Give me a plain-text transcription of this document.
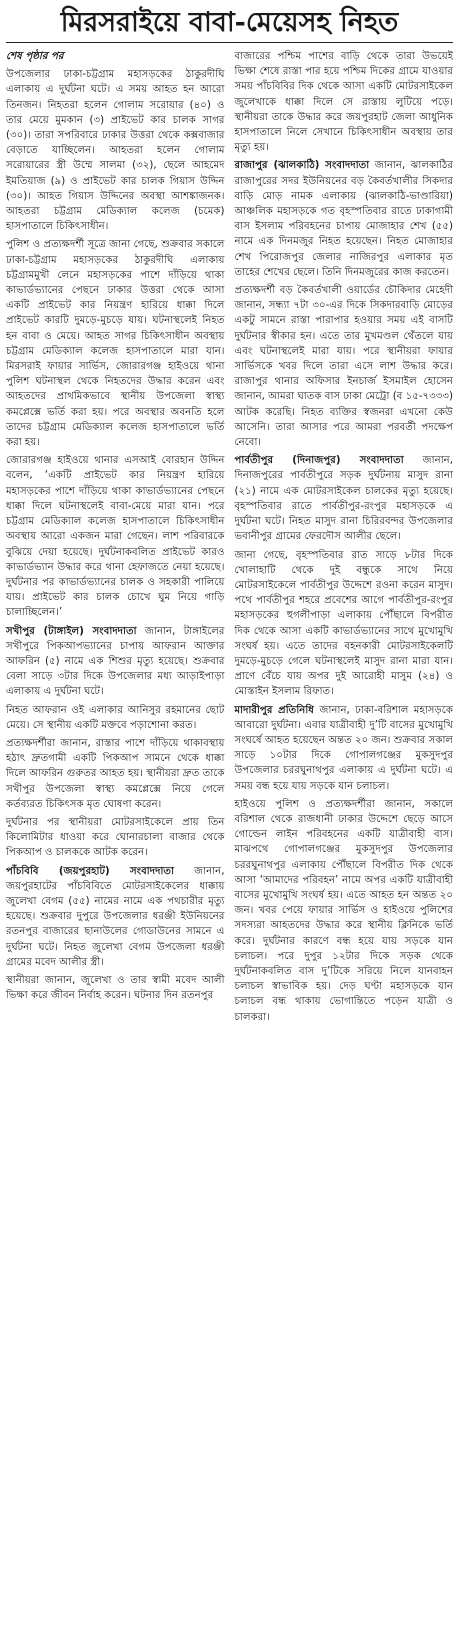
মিরসরাইয়ে বাবা-মেয়েসহ নিহত

শেষ পৃষ্ঠার পর

উপজেলার ঢাকা-চট্টগ্রাম মহাসড়কের ঠাকুরদীঘি এলাকায় এ দুর্ঘটনা ঘটে। এ সময় আহত হন আরো তিনজন। নিহতরা হলেন গোলাম সরোয়ার (৪০) ও তার মেয়ে মুমকান (৩) প্রাইভেট কার চালক সাগর (৩০)। তারা সপরিবারে ঢাকার উত্তরা থেকে কক্সবাজার বেড়াতে যাচ্ছিলেন। আহতরা হলেন গোলাম সরোয়ারের স্ত্রী উম্মে সালমা (৩২), ছেলে আহমেদ ইমতিয়াজ (৯) ও প্রাইভেট কার চালক গিয়াস উদ্দিন (৩০)। আহত গিয়াস উদ্দিনের অবস্থা আশঙ্কাজনক। আহতরা চট্টগ্রাম মেডিক্যাল কলেজ (চমেক) হাসপাতালে চিকিৎসাধীন।

পুলিশ ও প্রত্যক্ষদর্শী সূত্রে জানা গেছে, শুক্রবার সকালে ঢাকা-চট্টগ্রাম মহাসড়কের ঠাকুরদীঘি এলাকায় চট্টগ্রামমুখী লেনে মহাসড়কের পাশে দাঁড়িয়ে থাকা কাভার্ডভ্যানের পেছনে ঢাকার উত্তরা থেকে আসা একটি প্রাইভেট কার নিয়ন্ত্রণ হারিয়ে ধাক্কা দিলে প্রাইভেট কারটি দুমড়ে-মুচড়ে যায়। ঘটনাস্থলেই নিহত হন বাবা ও মেয়ে। আহত সাগর চিকিৎসাধীন অবস্থায় চট্টগ্রাম মেডিক্যাল কলেজ হাসপাতালে মারা যান। মিরসরাই ফায়ার সার্ভিস, জোরারগঞ্জ হাইওয়ে থানা পুলিশ ঘটনাস্থল থেকে নিহতদের উদ্ধার করেন এবং আহতদের প্রাথমিকভাবে স্থানীয় উপজেলা স্বাস্থ্য কমপ্লেক্সে ভর্তি করা হয়। পরে অবস্থার অবনতি হলে তাদের চট্টগ্রাম মেডিক্যাল কলেজ হাসপাতালে ভর্তি করা হয়।

জোরারগঞ্জ হাইওয়ে থানার এসআই বোরহান উদ্দিন বলেন, ‘একটি প্রাইভেট কার নিয়ন্ত্রণ হারিয়ে মহাসড়কের পাশে দাঁড়িয়ে থাকা কাভার্ডভ্যানের পেছনে ধাক্কা দিলে ঘটনাস্থলেই বাবা-মেয়ে মারা যান। পরে চট্টগ্রাম মেডিক্যাল কলেজ হাসপাতালে চিকিৎসাধীন অবস্থায় আরো একজন মারা গেছেন। লাশ পরিবারকে বুঝিয়ে দেয়া হয়েছে। দুর্ঘটনাকবলিত প্রাইভেট কারও কাভার্ডভ্যান উদ্ধার করে থানা হেফাজতে নেয়া হয়েছে। দুর্ঘটনার পর কাভার্ডভ্যানের চালক ও সহকারী পালিয়ে যায়। প্রাইভেট কার চালক চোখে ঘুম নিয়ে গাড়ি চালাচ্ছিলেন।’

সখীপুর (টাঙ্গাইল) সংবাদদাতা জানান, টাঙ্গাইলের সখীপুরে পিকআপভ্যানের চাপায় আফরান আক্তার আফরিন (৫) নামে এক শিশুর মৃত্যু হয়েছে। শুক্রবার বেলা সাড়ে ৩টার দিকে উপজেলার মধ্য আড়াইপাড়া এলাকায় এ দুর্ঘটনা ঘটে।

নিহত আফরান ওই এলাকার আনিসুর রহমানের ছোট মেয়ে। সে স্থানীয় একটি মক্তবে পড়াশোনা করত।

প্রত্যক্ষদর্শীরা জানান, রাস্তার পাশে দাঁড়িয়ে থাকাবস্থায় হঠাৎ দ্রুতগামী একটি পিকআপ সামনে থেকে ধাক্কা দিলে আফরিন গুরুতর আহত হয়। স্থানীয়রা দ্রুত তাকে সখীপুর উপজেলা স্বাস্থ্য কমপ্লেক্সে নিয়ে গেলে কর্তব্যরত চিকিৎসক মৃত ঘোষণা করেন।

দুর্ঘটনার পর স্থানীয়রা মোটরসাইকেলে প্রায় তিন কিলোমিটার ধাওয়া করে ঘোনারচালা বাজার থেকে পিকআপ ও চালককে আটক করেন।

পাঁচবিবি (জয়পুরহাট) সংবাদদাতা জানান, জয়পুরহাটের পাঁচবিবিতে মোটরসাইকেলের ধাক্কায় জুলেখা বেগম (৫৫) নামের নামে এক পথচারীর মৃত্যু হয়েছে। শুক্রবার দুপুরে উপজেলার ধরঞ্জী ইউনিয়নের রতনপুর বাজারের ছানাউলের গোডাউনের সামনে এ দুর্ঘটনা ঘটে। নিহত জুলেখা বেগম উপজেলা ধরঞ্জী গ্রামের মবেদ আলীর স্ত্রী।

স্থানীয়রা জানান, জুলেখা ও তার স্বামী মবেদ আলী ভিক্ষা করে জীবন নির্বাহ করেন। ঘটনার দিন রতনপুর

বাজারের পশ্চিম পাশের বাড়ি থেকে তারা উভয়েই ভিক্ষা শেষে রাস্তা পার হয়ে পশ্চিম দিকের গ্রামে যাওয়ার সময় পাঁচবিবির দিক থেকে আসা একটি মোটরসাইকেল জুলেখাকে ধাক্কা দিলে সে রাস্তায় লুটিয়ে পড়ে। স্থানীয়রা তাকে উদ্ধার করে জয়পুরহাট জেলা আধুনিক হাসপাতালে নিলে সেখানে চিকিৎসাধীন অবস্থায় তার মৃত্যু হয়।

রাজাপুর (ঝালকাঠি) সংবাদদাতা জানান, ঝালকাঠির রাজাপুরের সদর ইউনিয়নের বড় কৈবর্তখালীর সিকদার বাড়ি মোড় নামক এলাকায় (ঝালকাঠি-ভাণ্ডারিয়া) আঞ্চলিক মহাসড়কে গত বৃহস্পতিবার রাতে ঢাকাগামী বাস ইসলাম পরিবহনের চাপায় মোজাহার শেখ (৫৫) নামে এক দিনমজুর নিহত হয়েছেন। নিহত মোজাহার শেখ পিরোজপুর জেলার নাজিরপুর এলাকার মৃত তাহের শেখের ছেলে। তিনি দিনমজুরের কাজ করতেন।

প্রত্যক্ষদর্শী বড় কৈবর্তখালী ওয়ার্ডের চৌকিদার মেহেদী জানান, সন্ধ্যা ৭টা ৩০-এর দিকে সিকদারবাড়ি মোড়ের একটু সামনে রাস্তা পারাপার হওয়ার সময় এই বাসটি দুর্ঘটনার স্বীকার হন। এতে তার মুখমণ্ডল থেঁতলে যায় এবং ঘটনাস্থলেই মারা যায়। পরে স্থানীয়রা ফায়ার সার্ভিসকে খবর দিলে তারা এসে লাশ উদ্ধার করে। রাজাপুর থানার অফিসার ইনচার্জ ইসমাইল হোসেন জানান, আমরা ঘাতক বাস ঢাকা মেট্রো (ব ১৫-৭৩৩৩) আটক করেছি। নিহত ব্যক্তির স্বজনরা এখনো কেউ আসেনি। তারা আসার পরে আমরা পরবর্তী পদক্ষেপ নেবো।

পার্বতীপুর (দিনাজপুর) সংবাদদাতা জানান, দিনাজপুরের পার্বতীপুরে সড়ক দুর্ঘটনায় মাসুদ রানা (২১) নামে এক মোটরসাইকেল চালকের মৃত্যু হয়েছে। বৃহস্পতিবার রাতে পার্বতীপুর-রংপুর মহাসড়কে এ দুর্ঘটনা ঘটে। নিহত মাসুদ রানা চিরিরবন্দর উপজেলার ভবানীপুর গ্রামের ফেরদৌস আলীর ছেলে।

জানা গেছে, বৃহস্পতিবার রাত সাড়ে ৮টার দিকে খোলাহাটি থেকে দুই বন্ধুকে সাথে নিয়ে মোটরসাইকেলে পার্বতীপুর উদ্দেশে রওনা করেন মাসুদ। পথে পার্বতীপুর শহরে প্রবেশের আগে পার্বতীপুর-রংপুর মহাসড়কের হুগলীপাড়া এলাকায় পৌঁছালে বিপরীত দিক থেকে আসা একটি কাভার্ডভ্যানের সাথে মুখোমুখি সংঘর্ষ হয়। এতে তাদের বহনকারী মোটরসাইকেলটি দুমড়ে-মুচড়ে গেলে ঘটনাস্থলেই মাসুদ রানা মারা যান। প্রাণে বেঁচে যায় অপর দুই আরোহী মাসুম (২৪) ও মোস্তাইন ইসলাম রিফাত।

মাদারীপুর প্রতিনিধি জানান, ঢাকা-বরিশাল মহাসড়কে আবারো দুর্ঘটনা। এবার যাত্রীবাহী দু’টি বাসের মুখোমুখি সংঘর্ষে আহত হয়েছেন অন্তত ২০ জন। শুক্রবার সকাল সাড়ে ১০টার দিকে গোপালগঞ্জের মুকসুদপুর উপজেলার চররঘুনাথপুর এলাকায় এ দুর্ঘটনা ঘটে। এ সময় বন্ধ হয়ে যায় সড়কে যান চলাচল।

হাইওয়ে পুলিশ ও প্রত্যক্ষদর্শীরা জানান, সকালে বরিশাল থেকে রাজধানী ঢাকার উদ্দেশে ছেড়ে আসে গোল্ডেন লাইন পরিবহনের একটি যাত্রীবাহী বাস। মাঝপথে গোপালগঞ্জের মুকসুদপুর উপজেলার চররঘুনাথপুর এলাকায় পৌঁছালে বিপরীত দিক থেকে আসা ‘আমাদের পরিবহন’ নামে অপর একটি যাত্রীবাহী বাসের মুখোমুখি সংঘর্ষ হয়। এতে আহত হন অন্তত ২০ জন। খবর পেয়ে ফায়ার সার্ভিস ও হাইওয়ে পুলিশের সদস্যরা আহতদের উদ্ধার করে স্থানীয় ক্লিনিকে ভর্তি করে। দুর্ঘটনার কারণে বন্ধ হয়ে যায় সড়কে যান চলাচল। পরে দুপুর ১২টার দিকে সড়ক থেকে দুর্ঘটনাকবলিত বাস দু’টিকে সরিয়ে নিলে যানবাহন চলাচল স্বাভাবিক হয়। দেড় ঘণ্টা মহাসড়কে যান চলাচল বন্ধ থাকায় ভোগান্তিতে পড়েন যাত্রী ও চালকরা।
